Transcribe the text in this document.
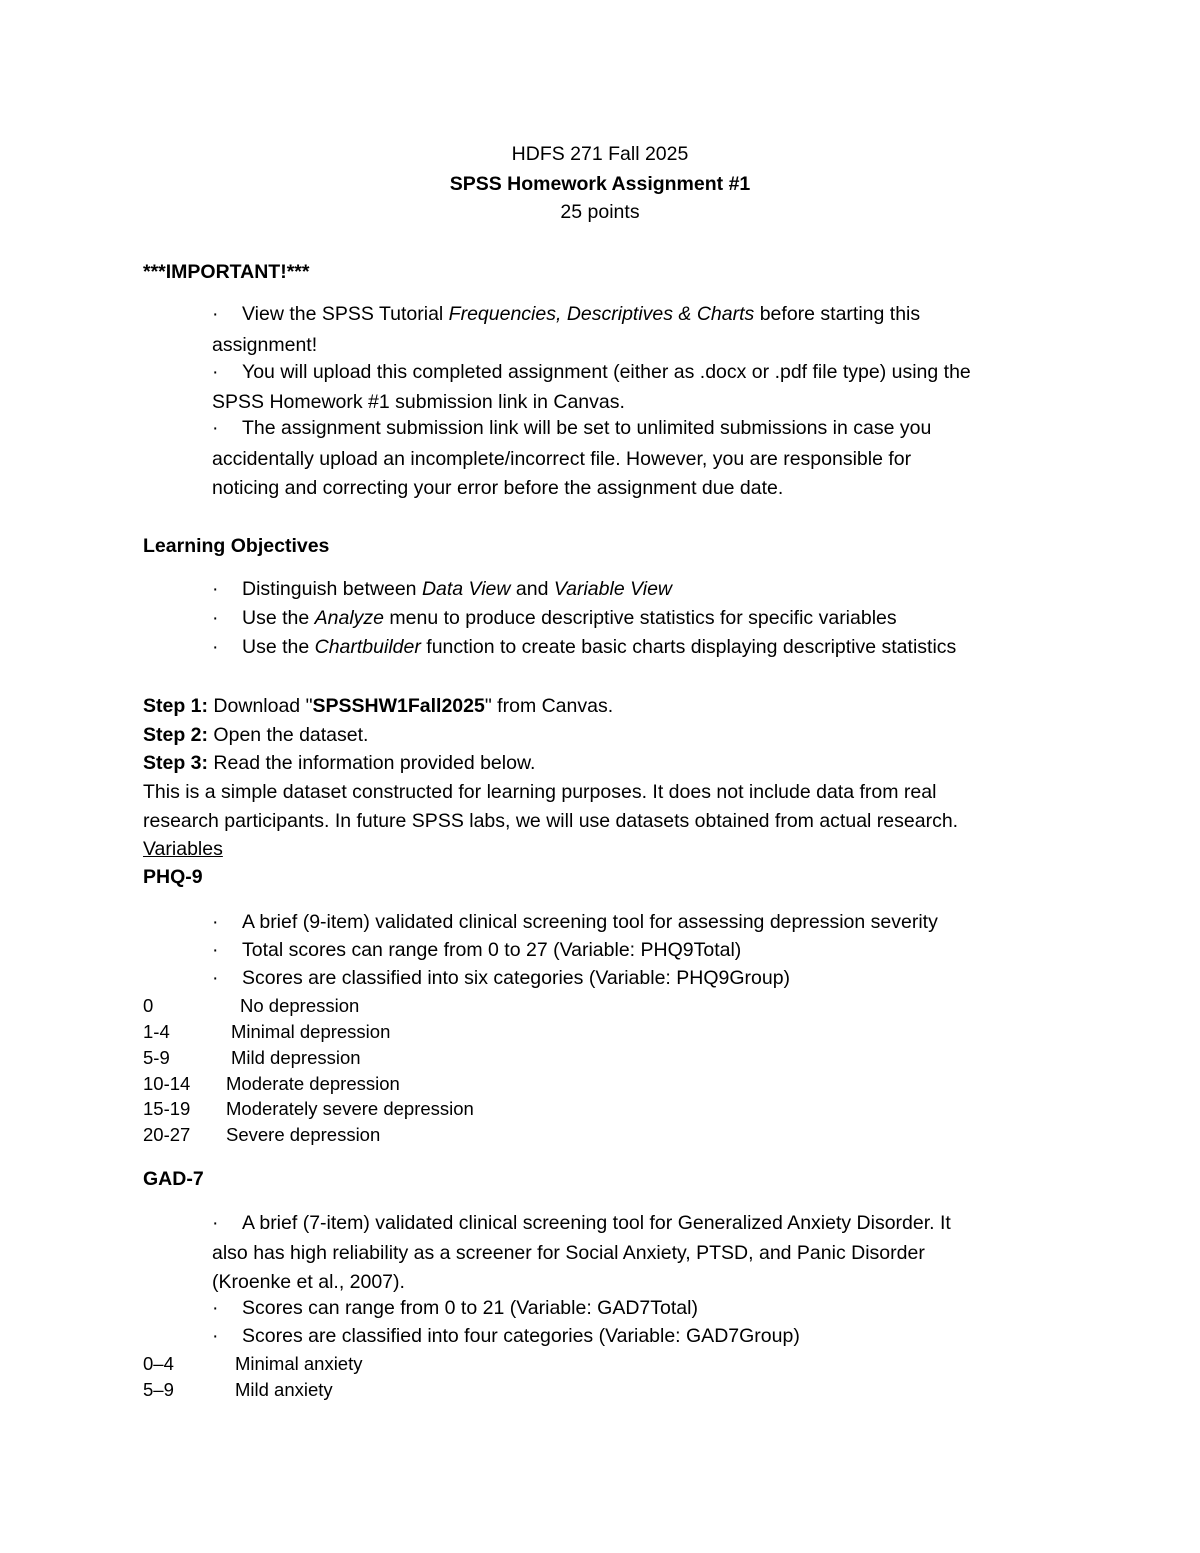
HDFS 271 Fall 2025
SPSS Homework Assignment #1
25 points
***IMPORTANT!***
· View the SPSS Tutorial Frequencies, Descriptives & Charts before starting this
assignment!
· You will upload this completed assignment (either as .docx or .pdf file type) using the
SPSS Homework #1 submission link in Canvas.
· The assignment submission link will be set to unlimited submissions in case you
accidentally upload an incomplete/incorrect file. However, you are responsible for
noticing and correcting your error before the assignment due date.
Learning Objectives
· Distinguish between Data View and Variable View
· Use the Analyze menu to produce descriptive statistics for specific variables
· Use the Chartbuilder function to create basic charts displaying descriptive statistics
Step 1: Download "SPSSHW1Fall2025" from Canvas.
Step 2: Open the dataset.
Step 3: Read the information provided below.
This is a simple dataset constructed for learning purposes. It does not include data from real
research participants. In future SPSS labs, we will use datasets obtained from actual research.
Variables
PHQ-9
· A brief (9-item) validated clinical screening tool for assessing depression severity
· Total scores can range from 0 to 27 (Variable: PHQ9Total)
· Scores are classified into six categories (Variable: PHQ9Group)
0	No depression
1-4	Minimal depression
5-9	Mild depression
10-14 Moderate depression
15-19 Moderately severe depression
20-27 Severe depression
GAD-7
· A brief (7-item) validated clinical screening tool for Generalized Anxiety Disorder. It
also has high reliability as a screener for Social Anxiety, PTSD, and Panic Disorder
(Kroenke et al., 2007).
· Scores can range from 0 to 21 (Variable: GAD7Total)
· Scores are classified into four categories (Variable: GAD7Group)
0–4	Minimal anxiety
5–9	Mild anxiety
